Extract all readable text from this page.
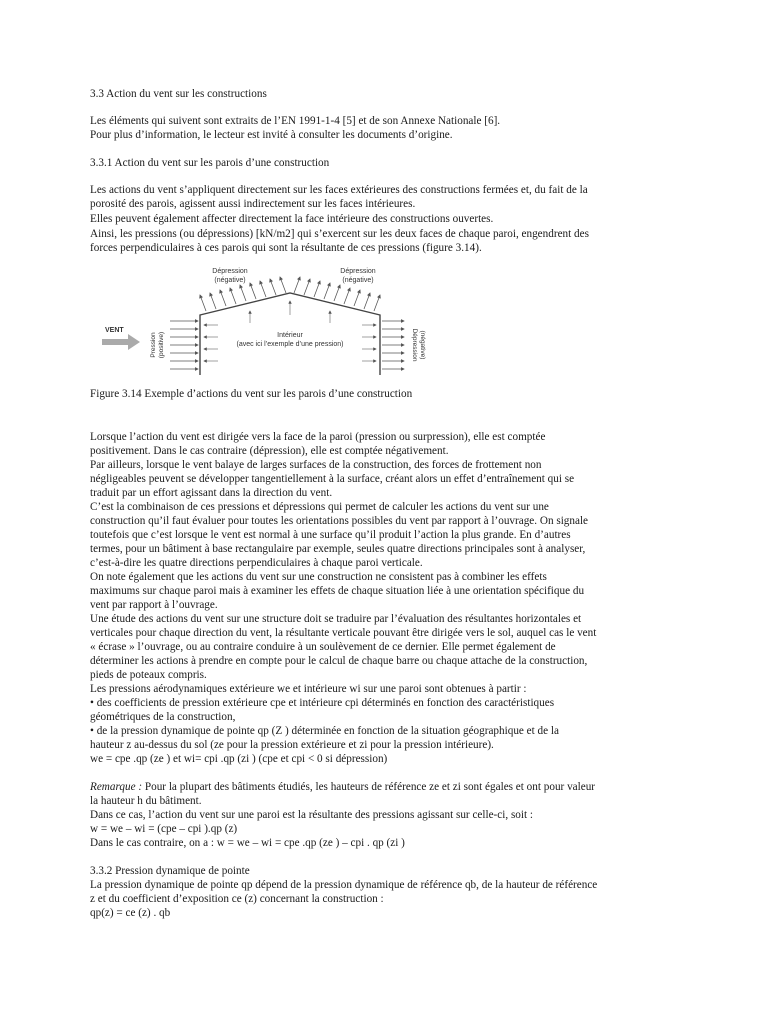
3.3 Action du vent sur les constructions
Les éléments qui suivent sont extraits de l’EN 1991-1-4 [5] et de son Annexe Nationale [6].
Pour plus d’information, le lecteur est invité à consulter les documents d’origine.
3.3.1 Action du vent sur les parois d’une construction
Les actions du vent s’appliquent directement sur les faces extérieures des constructions fermées et, du fait de la
porosité des parois, agissent aussi indirectement sur les faces intérieures.
Elles peuvent également affecter directement la face intérieure des constructions ouvertes.
Ainsi, les pressions (ou dépressions) [kN/m2] qui s’exercent sur les deux faces de chaque paroi, engendrent des
forces perpendiculaires à ces parois qui sont la résultante de ces pressions (figure 3.14).
Figure 3.14 Exemple d’actions du vent sur les parois d’une construction
Lorsque l’action du vent est dirigée vers la face de la paroi (pression ou surpression), elle est comptée
positivement. Dans le cas contraire (dépression), elle est comptée négativement.
Par ailleurs, lorsque le vent balaye de larges surfaces de la construction, des forces de frottement non
négligeables peuvent se développer tangentiellement à la surface, créant alors un effet d’entraînement qui se
traduit par un effort agissant dans la direction du vent.
C’est la combinaison de ces pressions et dépressions qui permet de calculer les actions du vent sur une
construction qu’il faut évaluer pour toutes les orientations possibles du vent par rapport à l’ouvrage. On signale
toutefois que c’est lorsque le vent est normal à une surface qu’il produit l’action la plus grande. En d’autres
termes, pour un bâtiment à base rectangulaire par exemple, seules quatre directions principales sont à analyser,
c’est-à-dire les quatre directions perpendiculaires à chaque paroi verticale.
On note également que les actions du vent sur une construction ne consistent pas à combiner les effets
maximums sur chaque paroi mais à examiner les effets de chaque situation liée à une orientation spécifique du
vent par rapport à l’ouvrage.
Une étude des actions du vent sur une structure doit se traduire par l’évaluation des résultantes horizontales et
verticales pour chaque direction du vent, la résultante verticale pouvant être dirigée vers le sol, auquel cas le vent
« écrase » l’ouvrage, ou au contraire conduire à un soulèvement de ce dernier. Elle permet également de
déterminer les actions à prendre en compte pour le calcul de chaque barre ou chaque attache de la construction,
pieds de poteaux compris.
Les pressions aérodynamiques extérieure we et intérieure wi sur une paroi sont obtenues à partir :
• des coefficients de pression extérieure cpe et intérieure cpi déterminés en fonction des caractéristiques
géométriques de la construction,
• de la pression dynamique de pointe qp (Z ) déterminée en fonction de la situation géographique et de la
hauteur z au-dessus du sol (ze pour la pression extérieure et zi pour la pression intérieure).
we = cpe .qp (ze ) et wi= cpi .qp (zi ) (cpe et cpi < 0 si dépression)
Remarque : Pour la plupart des bâtiments étudiés, les hauteurs de référence ze et zi sont égales et ont pour valeur
la hauteur h du bâtiment.
Dans ce cas, l’action du vent sur une paroi est la résultante des pressions agissant sur celle-ci, soit :
w = we – wi = (cpe – cpi ).qp (z)
Dans le cas contraire, on a : w = we – wi = cpe .qp (ze ) – cpi . qp (zi )
3.3.2 Pression dynamique de pointe
La pression dynamique de pointe qp dépend de la pression dynamique de référence qb, de la hauteur de référence
z et du coefficient d’exposition ce (z) concernant la construction :
qp(z) = ce (z) . qb
VENT
Dépression
(négative)
Dépression
(négative)
Intérieur
(avec ici l’exemple d’une pression)
Pression (positive)	Dépression (négative)
